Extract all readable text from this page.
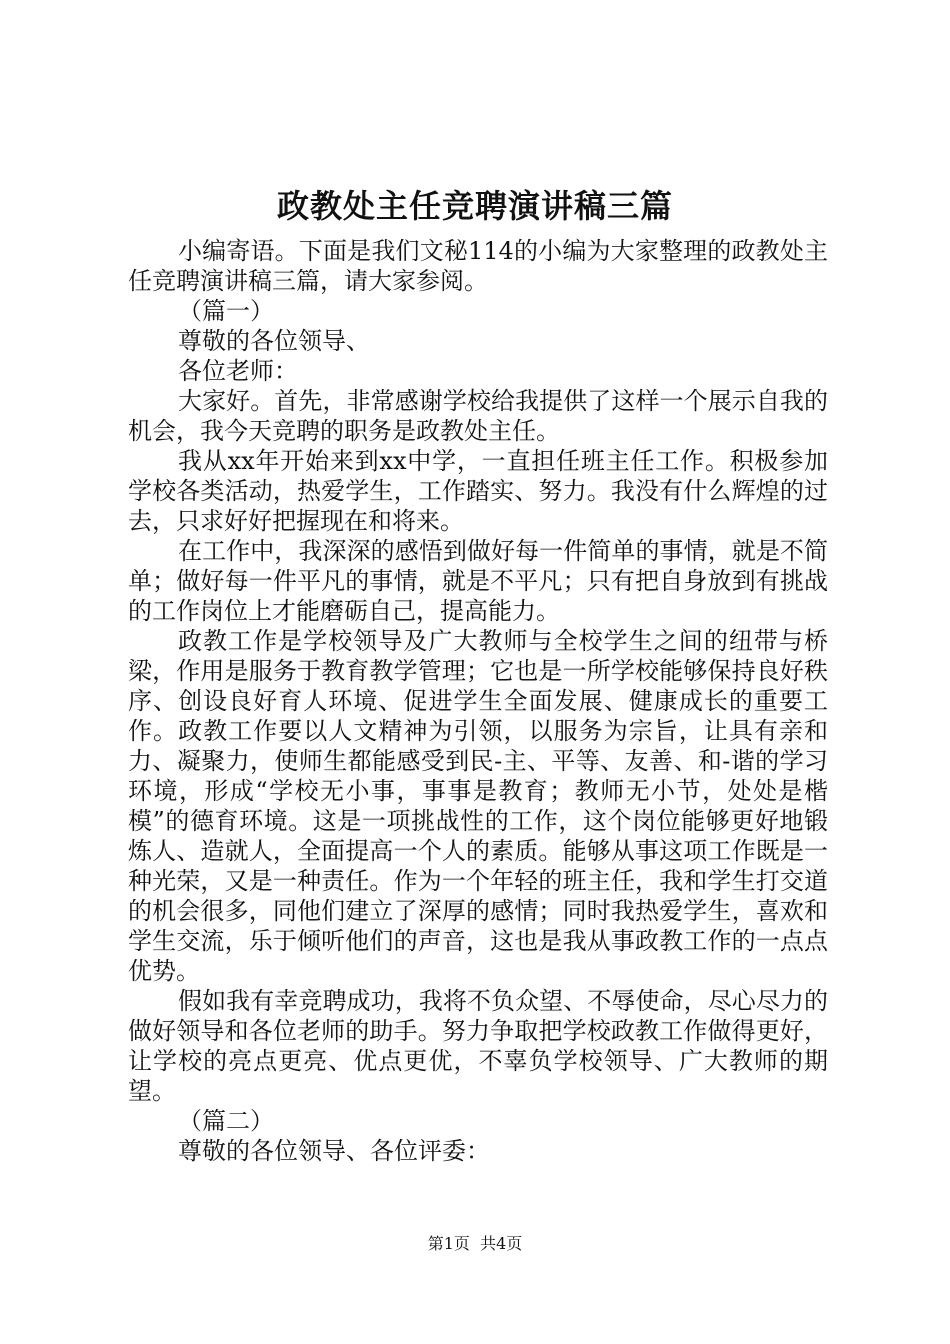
政教处主任竞聘演讲稿三篇

小编寄语。下面是我们文秘114的小编为大家整理的政教处主任竞聘演讲稿三篇，请大家参阅。

（篇一）

尊敬的各位领导、

各位老师：

大家好。首先，非常感谢学校给我提供了这样一个展示自我的机会，我今天竞聘的职务是政教处主任。

我从xx年开始来到xx中学，一直担任班主任工作。积极参加学校各类活动，热爱学生，工作踏实、努力。我没有什么辉煌的过去，只求好好把握现在和将来。

在工作中，我深深的感悟到做好每一件简单的事情，就是不简单；做好每一件平凡的事情，就是不平凡；只有把自身放到有挑战的工作岗位上才能磨砺自己，提高能力。

政教工作是学校领导及广大教师与全校学生之间的纽带与桥梁，作用是服务于教育教学管理；它也是一所学校能够保持良好秩序、创设良好育人环境、促进学生全面发展、健康成长的重要工作。政教工作要以人文精神为引领，以服务为宗旨，让具有亲和力、凝聚力，使师生都能感受到民-主、平等、友善、和-谐的学习环境，形成“学校无小事，事事是教育；教师无小节，处处是楷模”的德育环境。这是一项挑战性的工作，这个岗位能够更好地锻炼人、造就人，全面提高一个人的素质。能够从事这项工作既是一种光荣，又是一种责任。作为一个年轻的班主任，我和学生打交道的机会很多，同他们建立了深厚的感情；同时我热爱学生，喜欢和学生交流，乐于倾听他们的声音，这也是我从事政教工作的一点点优势。

假如我有幸竞聘成功，我将不负众望、不辱使命，尽心尽力的做好领导和各位老师的助手。努力争取把学校政教工作做得更好，让学校的亮点更亮、优点更优，不辜负学校领导、广大教师的期望。

（篇二）

尊敬的各位领导、各位评委：

第1页  共4页
